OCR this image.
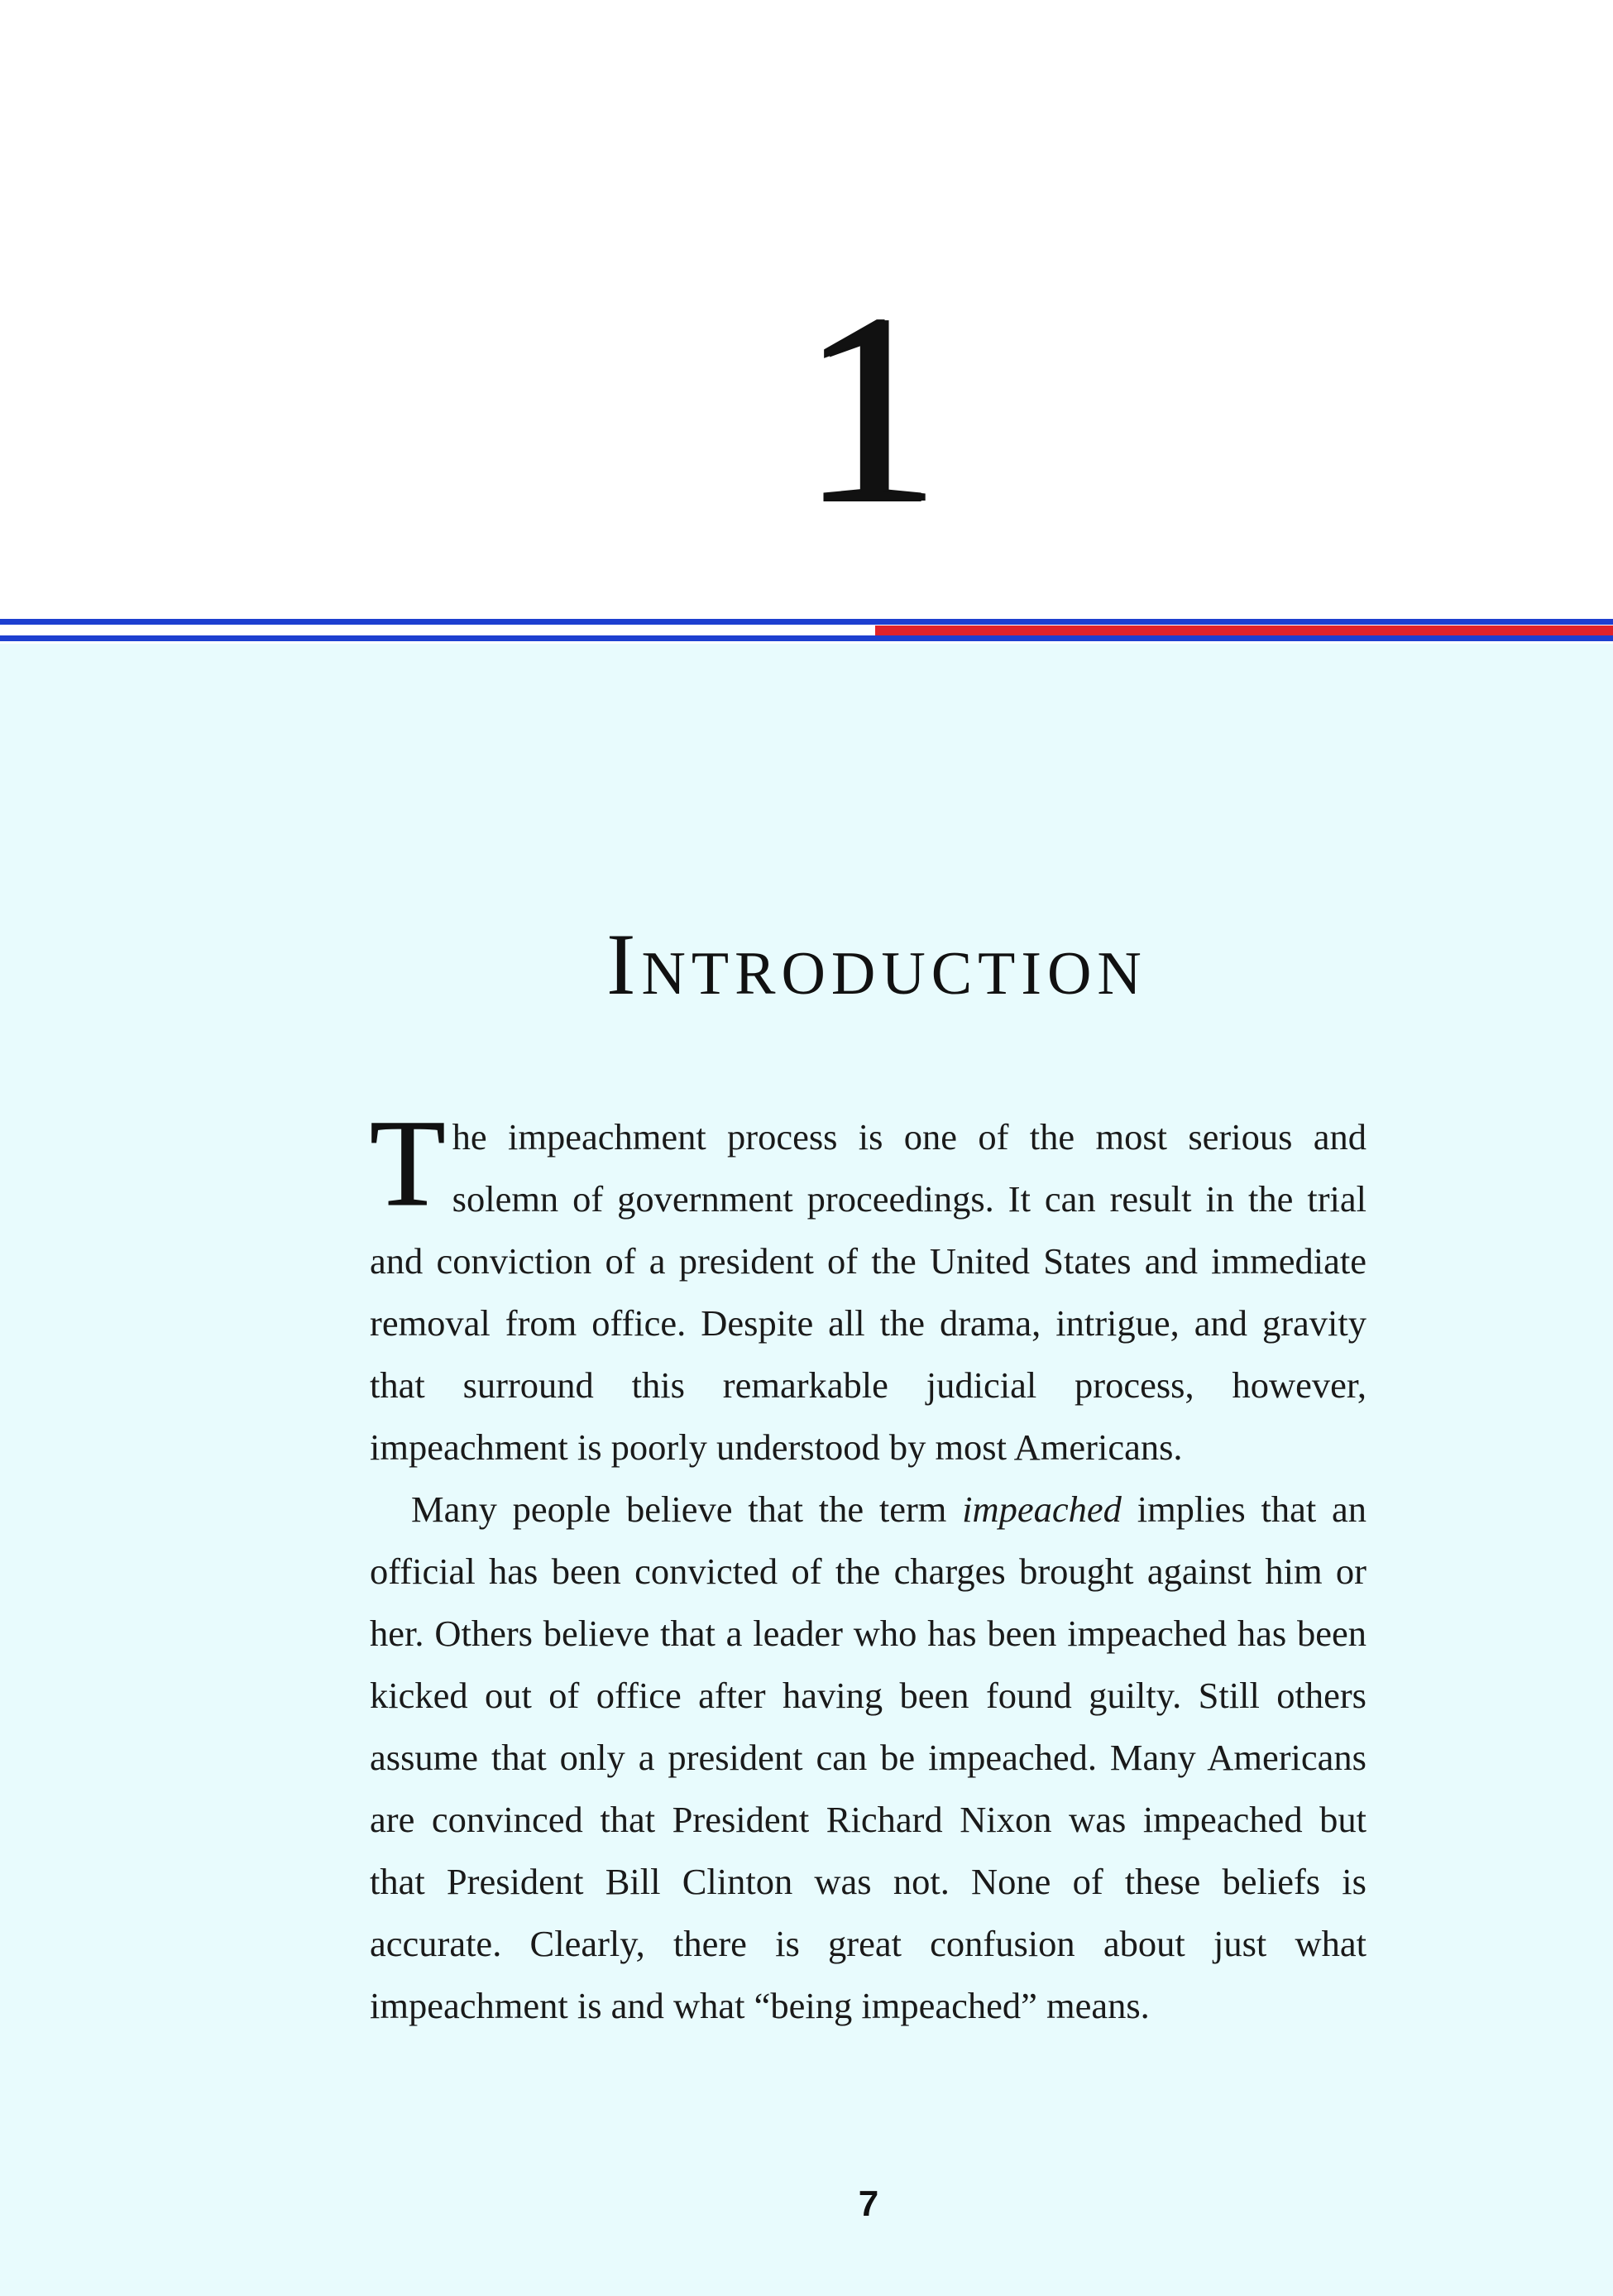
1
Introduction

The impeachment process is one of the most serious and solemn of government proceedings. It can result in the trial and conviction of a president of the United States and immediate removal from office. Despite all the drama, intrigue, and gravity that surround this remarkable judicial process, however, impeachment is poorly understood by most Americans.

Many people believe that the term impeached implies that an official has been convicted of the charges brought against him or her. Others believe that a leader who has been impeached has been kicked out of office after having been found guilty. Still others assume that only a president can be impeached. Many Americans are convinced that President Richard Nixon was impeached but that President Bill Clinton was not. None of these beliefs is accurate. Clearly, there is great confusion about just what impeachment is and what “being impeached” means.

7
